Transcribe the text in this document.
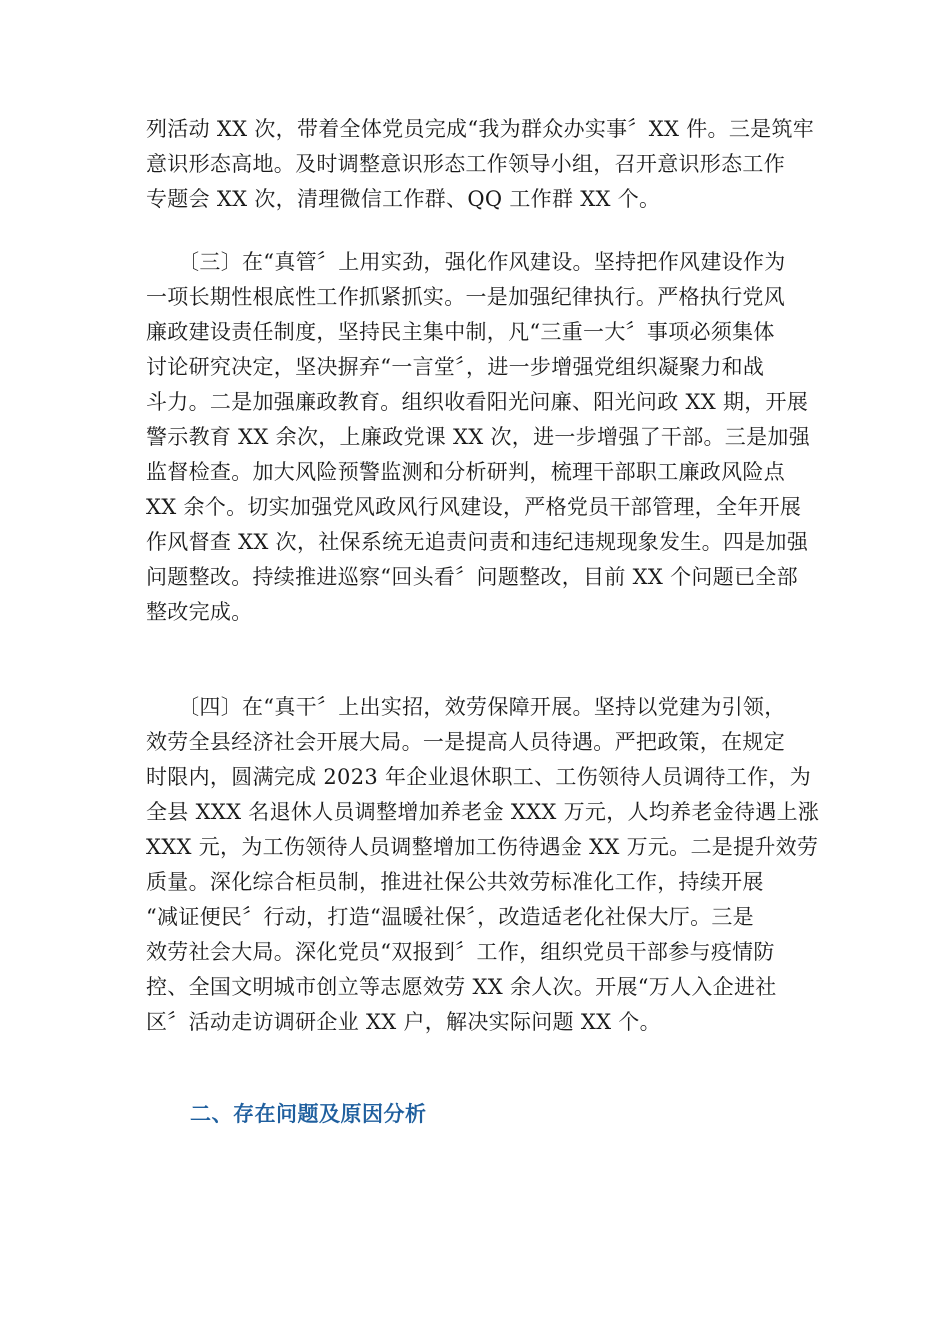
列活动 XX 次，带着全体党员完成“我为群众办实事〞XX 件。三是筑牢
意识形态高地。及时调整意识形态工作领导小组，召开意识形态工作
专题会 XX 次，清理微信工作群、QQ 工作群 XX 个。
　　〔三〕在“真管〞上用实劲，强化作风建设。坚持把作风建设作为
一项长期性根底性工作抓紧抓实。一是加强纪律执行。严格执行党风
廉政建设责任制度，坚持民主集中制，凡“三重一大〞事项必须集体
讨论研究决定，坚决摒弃“一言堂〞，进一步增强党组织凝聚力和战
斗力。二是加强廉政教育。组织收看阳光问廉、阳光问政 XX 期，开展
警示教育 XX 余次，上廉政党课 XX 次，进一步增强了干部。三是加强
监督检查。加大风险预警监测和分析研判，梳理干部职工廉政风险点
XX 余个。切实加强党风政风行风建设，严格党员干部管理，全年开展
作风督查 XX 次，社保系统无追责问责和违纪违规现象发生。四是加强
问题整改。持续推进巡察“回头看〞问题整改，目前 XX 个问题已全部
整改完成。
　　〔四〕在“真干〞上出实招，效劳保障开展。坚持以党建为引领，
效劳全县经济社会开展大局。一是提高人员待遇。严把政策，在规定
时限内，圆满完成 2023 年企业退休职工、工伤领待人员调待工作，为
全县 XXX 名退休人员调整增加养老金 XXX 万元，人均养老金待遇上涨
XXX 元，为工伤领待人员调整增加工伤待遇金 XX 万元。二是提升效劳
质量。深化综合柜员制，推进社保公共效劳标准化工作，持续开展
“减证便民〞行动，打造“温暖社保〞，改造适老化社保大厅。三是
效劳社会大局。深化党员“双报到〞工作，组织党员干部参与疫情防
控、全国文明城市创立等志愿效劳 XX 余人次。开展“万人入企进社
区〞活动走访调研企业 XX 户，解决实际问题 XX 个。
二、存在问题及原因分析
